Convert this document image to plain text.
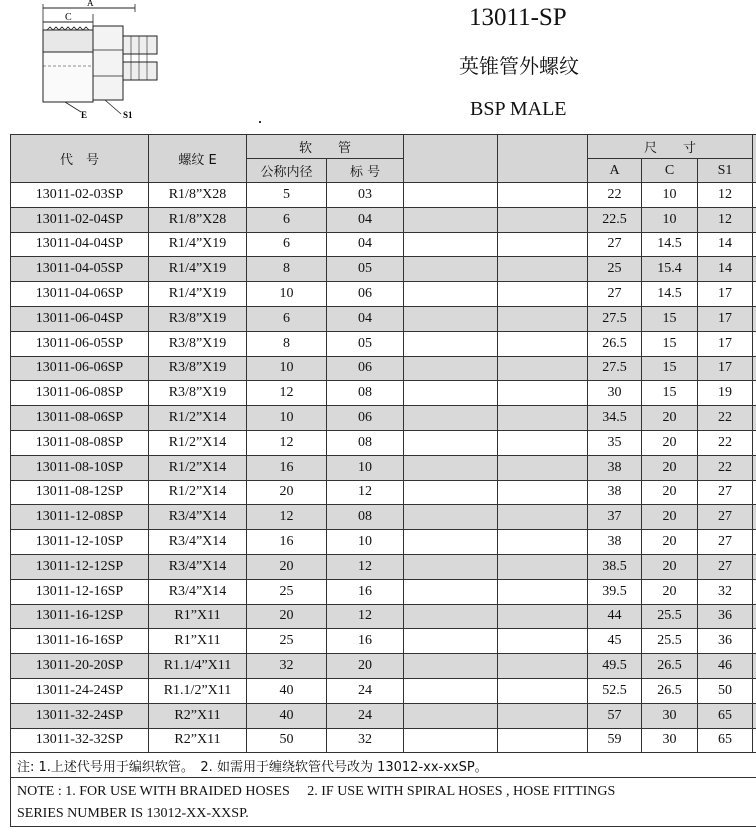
A
C
E	S1
13011-SP
英锥管外螺纹
BSP MALE
代　号	螺纹 E	软　　管				尺　　寸			
		公称内径	标 号			A	C	S1	
13011-02-03SP	R1/8”X28	5	03			22	10	12	
13011-02-04SP	R1/8”X28	6	04			22.5	10	12	
13011-04-04SP	R1/4”X19	6	04			27	14.5	14	
13011-04-05SP	R1/4”X19	8	05			25	15.4	14	
13011-04-06SP	R1/4”X19	10	06			27	14.5	17	
13011-06-04SP	R3/8”X19	6	04			27.5	15	17	
13011-06-05SP	R3/8”X19	8	05			26.5	15	17	
13011-06-06SP	R3/8”X19	10	06			27.5	15	17	
13011-06-08SP	R3/8”X19	12	08			30	15	19	
13011-08-06SP	R1/2”X14	10	06			34.5	20	22	
13011-08-08SP	R1/2”X14	12	08			35	20	22	
13011-08-10SP	R1/2”X14	16	10			38	20	22	
13011-08-12SP	R1/2”X14	20	12			38	20	27	
13011-12-08SP	R3/4”X14	12	08			37	20	27	
13011-12-10SP	R3/4”X14	16	10			38	20	27	
13011-12-12SP	R3/4”X14	20	12			38.5	20	27	
13011-12-16SP	R3/4”X14	25	16			39.5	20	32	
13011-16-12SP	R1”X11	20	12			44	25.5	36	
13011-16-16SP	R1”X11	25	16			45	25.5	36	
13011-20-20SP	R1.1/4”X11	32	20			49.5	26.5	46	
13011-24-24SP	R1.1/2”X11	40	24			52.5	26.5	50	
13011-32-24SP	R2”X11	40	24			57	30	65	
13011-32-32SP	R2”X11	50	32			59	30	65	
注: 1.上述代号用于编织软管。　2. 如需用于缠绕软管代号改为 13012-xx-xxSP。									
NOTE : 1. FOR USE WITH BRAIDED HOSES　 2. IF USE WITH SPIRAL HOSES , HOSE FITTINGS									
SERIES NUMBER IS 13012-XX-XXSP.									
